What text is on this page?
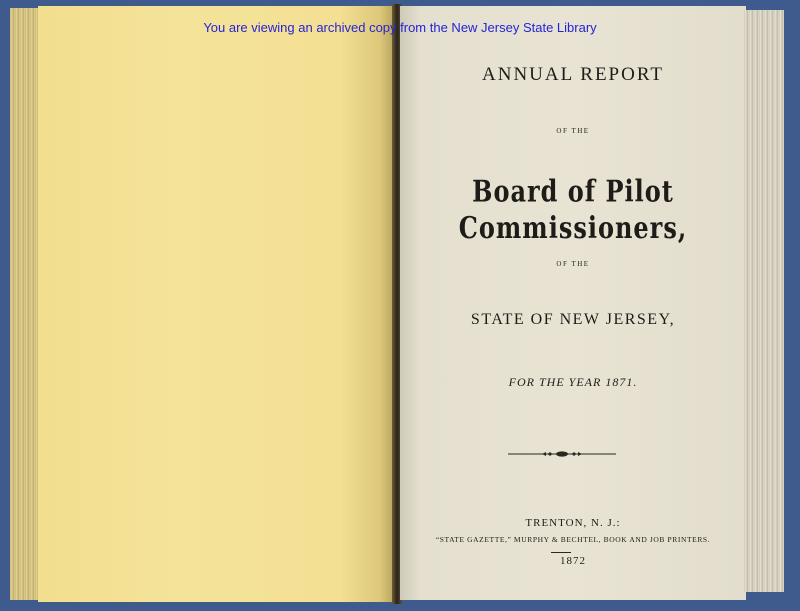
You are viewing an archived copy from the New Jersey State Library

ANNUAL REPORT

OF THE

Board of Pilot Commissioners,

OF THE

STATE OF NEW JERSEY,

FOR THE YEAR 1871.

TRENTON, N. J.:

“STATE GAZETTE,” MURPHY & BECHTEL, BOOK AND JOB PRINTERS.

1872
